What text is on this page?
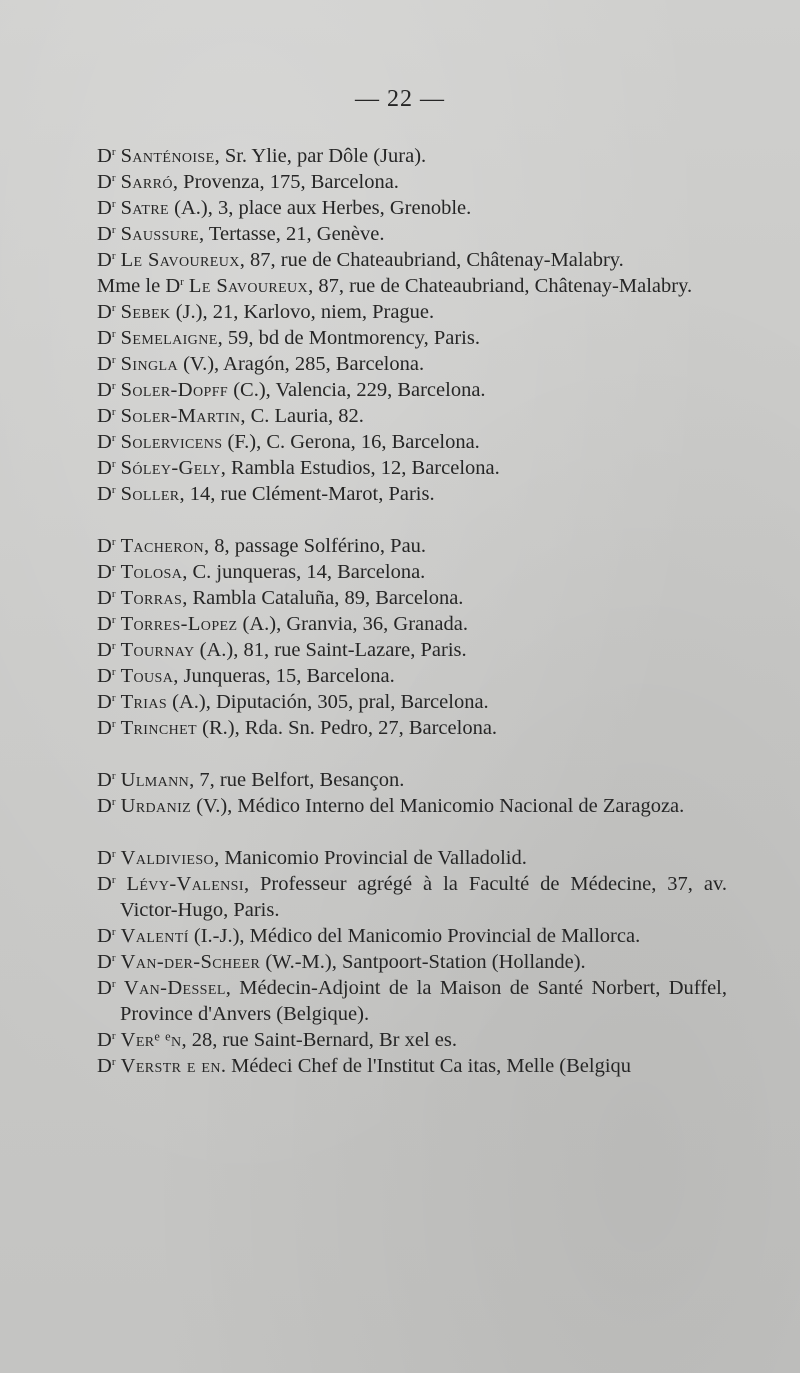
— 22 —

$D^r$ Santénoise, Sr. Ylie, par Dôle (Jura).

$D^r$ Sarró, Provenza, 175, Barcelona.

$D^r$ Satre (A.), 3, place aux Herbes, Grenoble.

$D^r$ Saussure, Tertasse, 21, Genève.

$D^r$ Le Savoureux, 87, rue de Chateaubriand, Châtenay-Malabry.

Mme le $D^r$ Le Savoureux, 87, rue de Chateaubriand, Châtenay-Malabry.

$D^r$ Sebek (J.), 21, Karlovo, niem, Prague.

$D^r$ Semelaigne, 59, bd de Montmorency, Paris.

$D^r$ Singla (V.), Aragón, 285, Barcelona.

$D^r$ Soler-Dopff (C.), Valencia, 229, Barcelona.

$D^r$ Soler-Martin, C. Lauria, 82.

$D^r$ Solervicens (F.), C. Gerona, 16, Barcelona.

$D^r$ Sóley-Gely, Rambla Estudios, 12, Barcelona.

$D^r$ Soller, 14, rue Clément-Marot, Paris.

$D^r$ Tacheron, 8, passage Solférino, Pau.

$D^r$ Tolosa, C. junqueras, 14, Barcelona.

$D^r$ Torras, Rambla Cataluña, 89, Barcelona.

$D^r$ Torres-Lopez (A.), Granvia, 36, Granada.

$D^r$ Tournay (A.), 81, rue Saint-Lazare, Paris.

$D^r$ Tousa, Junqueras, 15, Barcelona.

$D^r$ Trias (A.), Diputación, 305, pral, Barcelona.

$D^r$ Trinchet (R.), Rda. Sn. Pedro, 27, Barcelona.

$D^r$ Ulmann, 7, rue Belfort, Besançon.

$D^r$ Urdaniz (V.), Médico Interno del Manicomio Nacional de Zaragoza.

$D^r$ Valdivieso, Manicomio Provincial de Valladolid.

$D^r$ Lévy-Valensi, Professeur agrégé à la Faculté de Médecine, 37, av. Victor-Hugo, Paris.

$D^r$ Valentí (I.-J.), Médico del Manicomio Provincial de Mallorca.

$D^r$ Van-der-Scheer (W.-M.), Santpoort-Station (Hollande).

$D^r$ Van-Dessel, Médecin-Adjoint de la Maison de Santé Norbert, Duffel, Province d'Anvers (Belgique).

$D^r$ Ver᠎ᵉ᠎ ᵉn, 28, rue Saint-Bernard, Br xel es.

$D^r$ Verstr e en. Médeci Chef de l'Institut Ca itas, Melle (Belgiqu
